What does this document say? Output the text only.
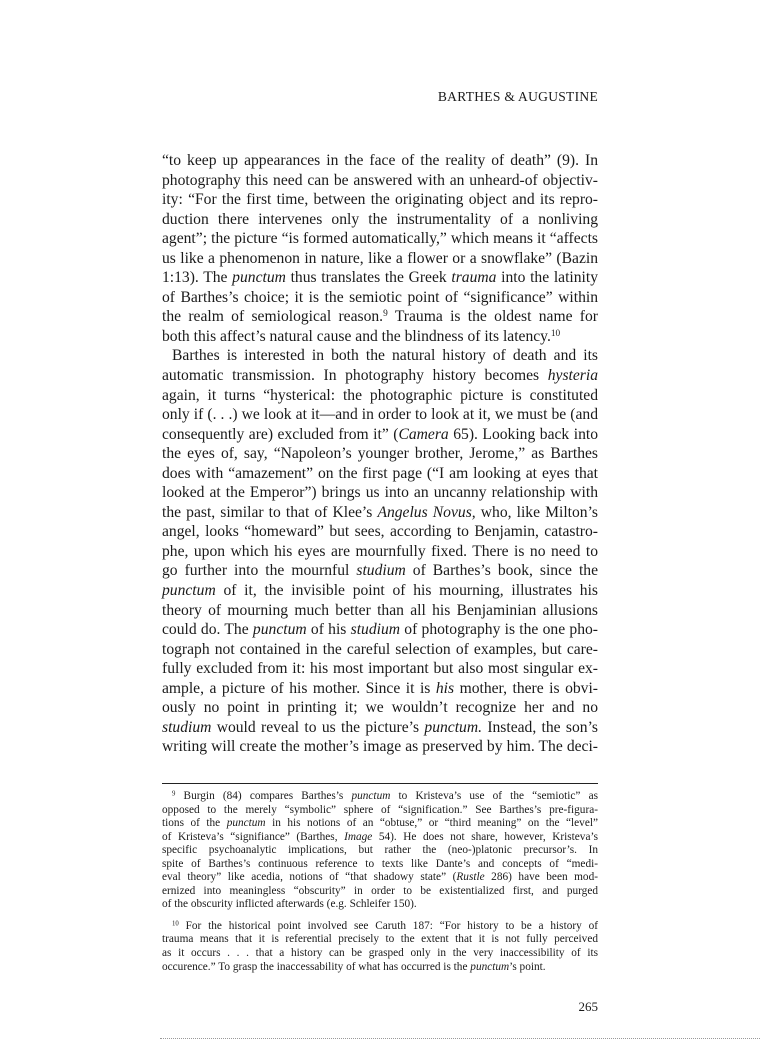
BARTHES & AUGUSTINE
“to keep up appearances in the face of the reality of death” (9). In
photography this need can be answered with an unheard-of objectiv-
ity: “For the first time, between the originating object and its repro-
duction there intervenes only the instrumentality of a nonliving
agent”; the picture “is formed automatically,” which means it “affects
us like a phenomenon in nature, like a flower or a snowflake” (Bazin
1:13). The punctum thus translates the Greek trauma into the latinity
of Barthes’s choice; it is the semiotic point of “significance” within
the realm of semiological reason.$^9$ Trauma is the oldest name for
both this affect’s natural cause and the blindness of its latency.$^{10}$
Barthes is interested in both the natural history of death and its
automatic transmission. In photography history becomes hysteria
again, it turns “hysterical: the photographic picture is constituted
only if (. . .) we look at it—and in order to look at it, we must be (and
consequently are) excluded from it” (Camera 65). Looking back into
the eyes of, say, “Napoleon’s younger brother, Jerome,” as Barthes
does with “amazement” on the first page (“I am looking at eyes that
looked at the Emperor”) brings us into an uncanny relationship with
the past, similar to that of Klee’s Angelus Novus, who, like Milton’s
angel, looks “homeward” but sees, according to Benjamin, catastro-
phe, upon which his eyes are mournfully fixed. There is no need to
go further into the mournful studium of Barthes’s book, since the
punctum of it, the invisible point of his mourning, illustrates his
theory of mourning much better than all his Benjaminian allusions
could do. The punctum of his studium of photography is the one pho-
tograph not contained in the careful selection of examples, but care-
fully excluded from it: his most important but also most singular ex-
ample, a picture of his mother. Since it is his mother, there is obvi-
ously no point in printing it; we wouldn’t recognize her and no
studium would reveal to us the picture’s punctum. Instead, the son’s
writing will create the mother’s image as preserved by him. The deci-
$^9$ Burgin (84) compares Barthes’s punctum to Kristeva’s use of the “semiotic” as
opposed to the merely “symbolic” sphere of “signification.” See Barthes’s pre-figura-
tions of the punctum in his notions of an “obtuse,” or “third meaning” on the “level”
of Kristeva’s “signifiance” (Barthes, Image 54). He does not share, however, Kristeva’s
specific psychoanalytic implications, but rather the (neo-)platonic precursor’s. In
spite of Barthes’s continuous reference to texts like Dante’s and concepts of “medi-
eval theory” like acedia, notions of “that shadowy state” (Rustle 286) have been mod-
ernized into meaningless “obscurity” in order to be existentialized first, and purged
of the obscurity inflicted afterwards (e.g. Schleifer 150).
$^{10}$ For the historical point involved see Caruth 187: “For history to be a history of
trauma means that it is referential precisely to the extent that it is not fully perceived
as it occurs . . . that a history can be grasped only in the very inaccessibility of its
occurence.” To grasp the inaccessability of what has occurred is the punctum’s point.
265
